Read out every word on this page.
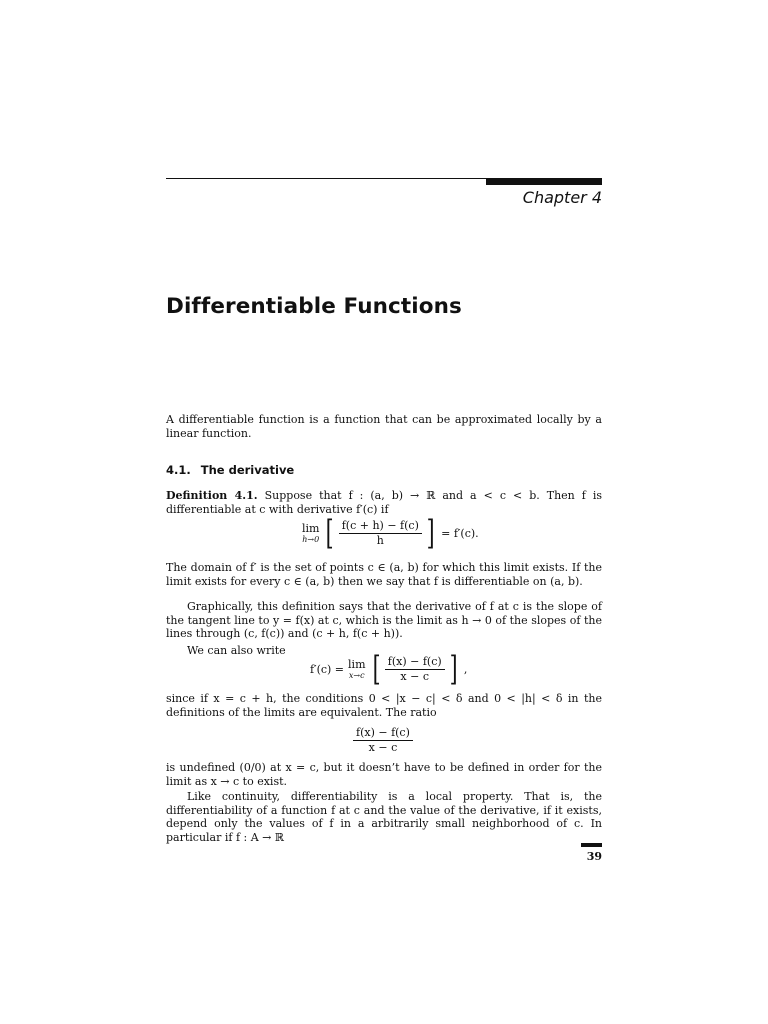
Chapter 4
Differentiable Functions
A differentiable function is a function that can be approximated locally by a linear function.
4.1. The derivative
Definition 4.1. Suppose that f : (a, b) → ℝ and a < c < b. Then f is differentiable at c with derivative f′(c) if
lim
h→0 [ $\frac{f(c + h) - f(c)}{h}$ ] = f′(c).
The domain of f′ is the set of points c ∈ (a, b) for which this limit exists. If the limit exists for every c ∈ (a, b) then we say that f is differentiable on (a, b).
Graphically, this definition says that the derivative of f at c is the slope of the tangent line to y = f(x) at c, which is the limit as h → 0 of the slopes of the lines through (c, f(c)) and (c + h, f(c + h)).
We can also write
f′(c) = lim
x→c [ $\frac{f(x) - f(c)}{x - c}$ ] ,
since if x = c + h, the conditions 0 < |x − c| < δ and 0 < |h| < δ in the definitions of the limits are equivalent. The ratio
$\frac{f(x) - f(c)}{x - c}$
is undefined (0/0) at x = c, but it doesn’t have to be defined in order for the limit as x → c to exist.
Like continuity, differentiability is a local property. That is, the differentiability of a function f at c and the value of the derivative, if it exists, depend only the values of f in a arbitrarily small neighborhood of c. In particular if f : A → ℝ
39
